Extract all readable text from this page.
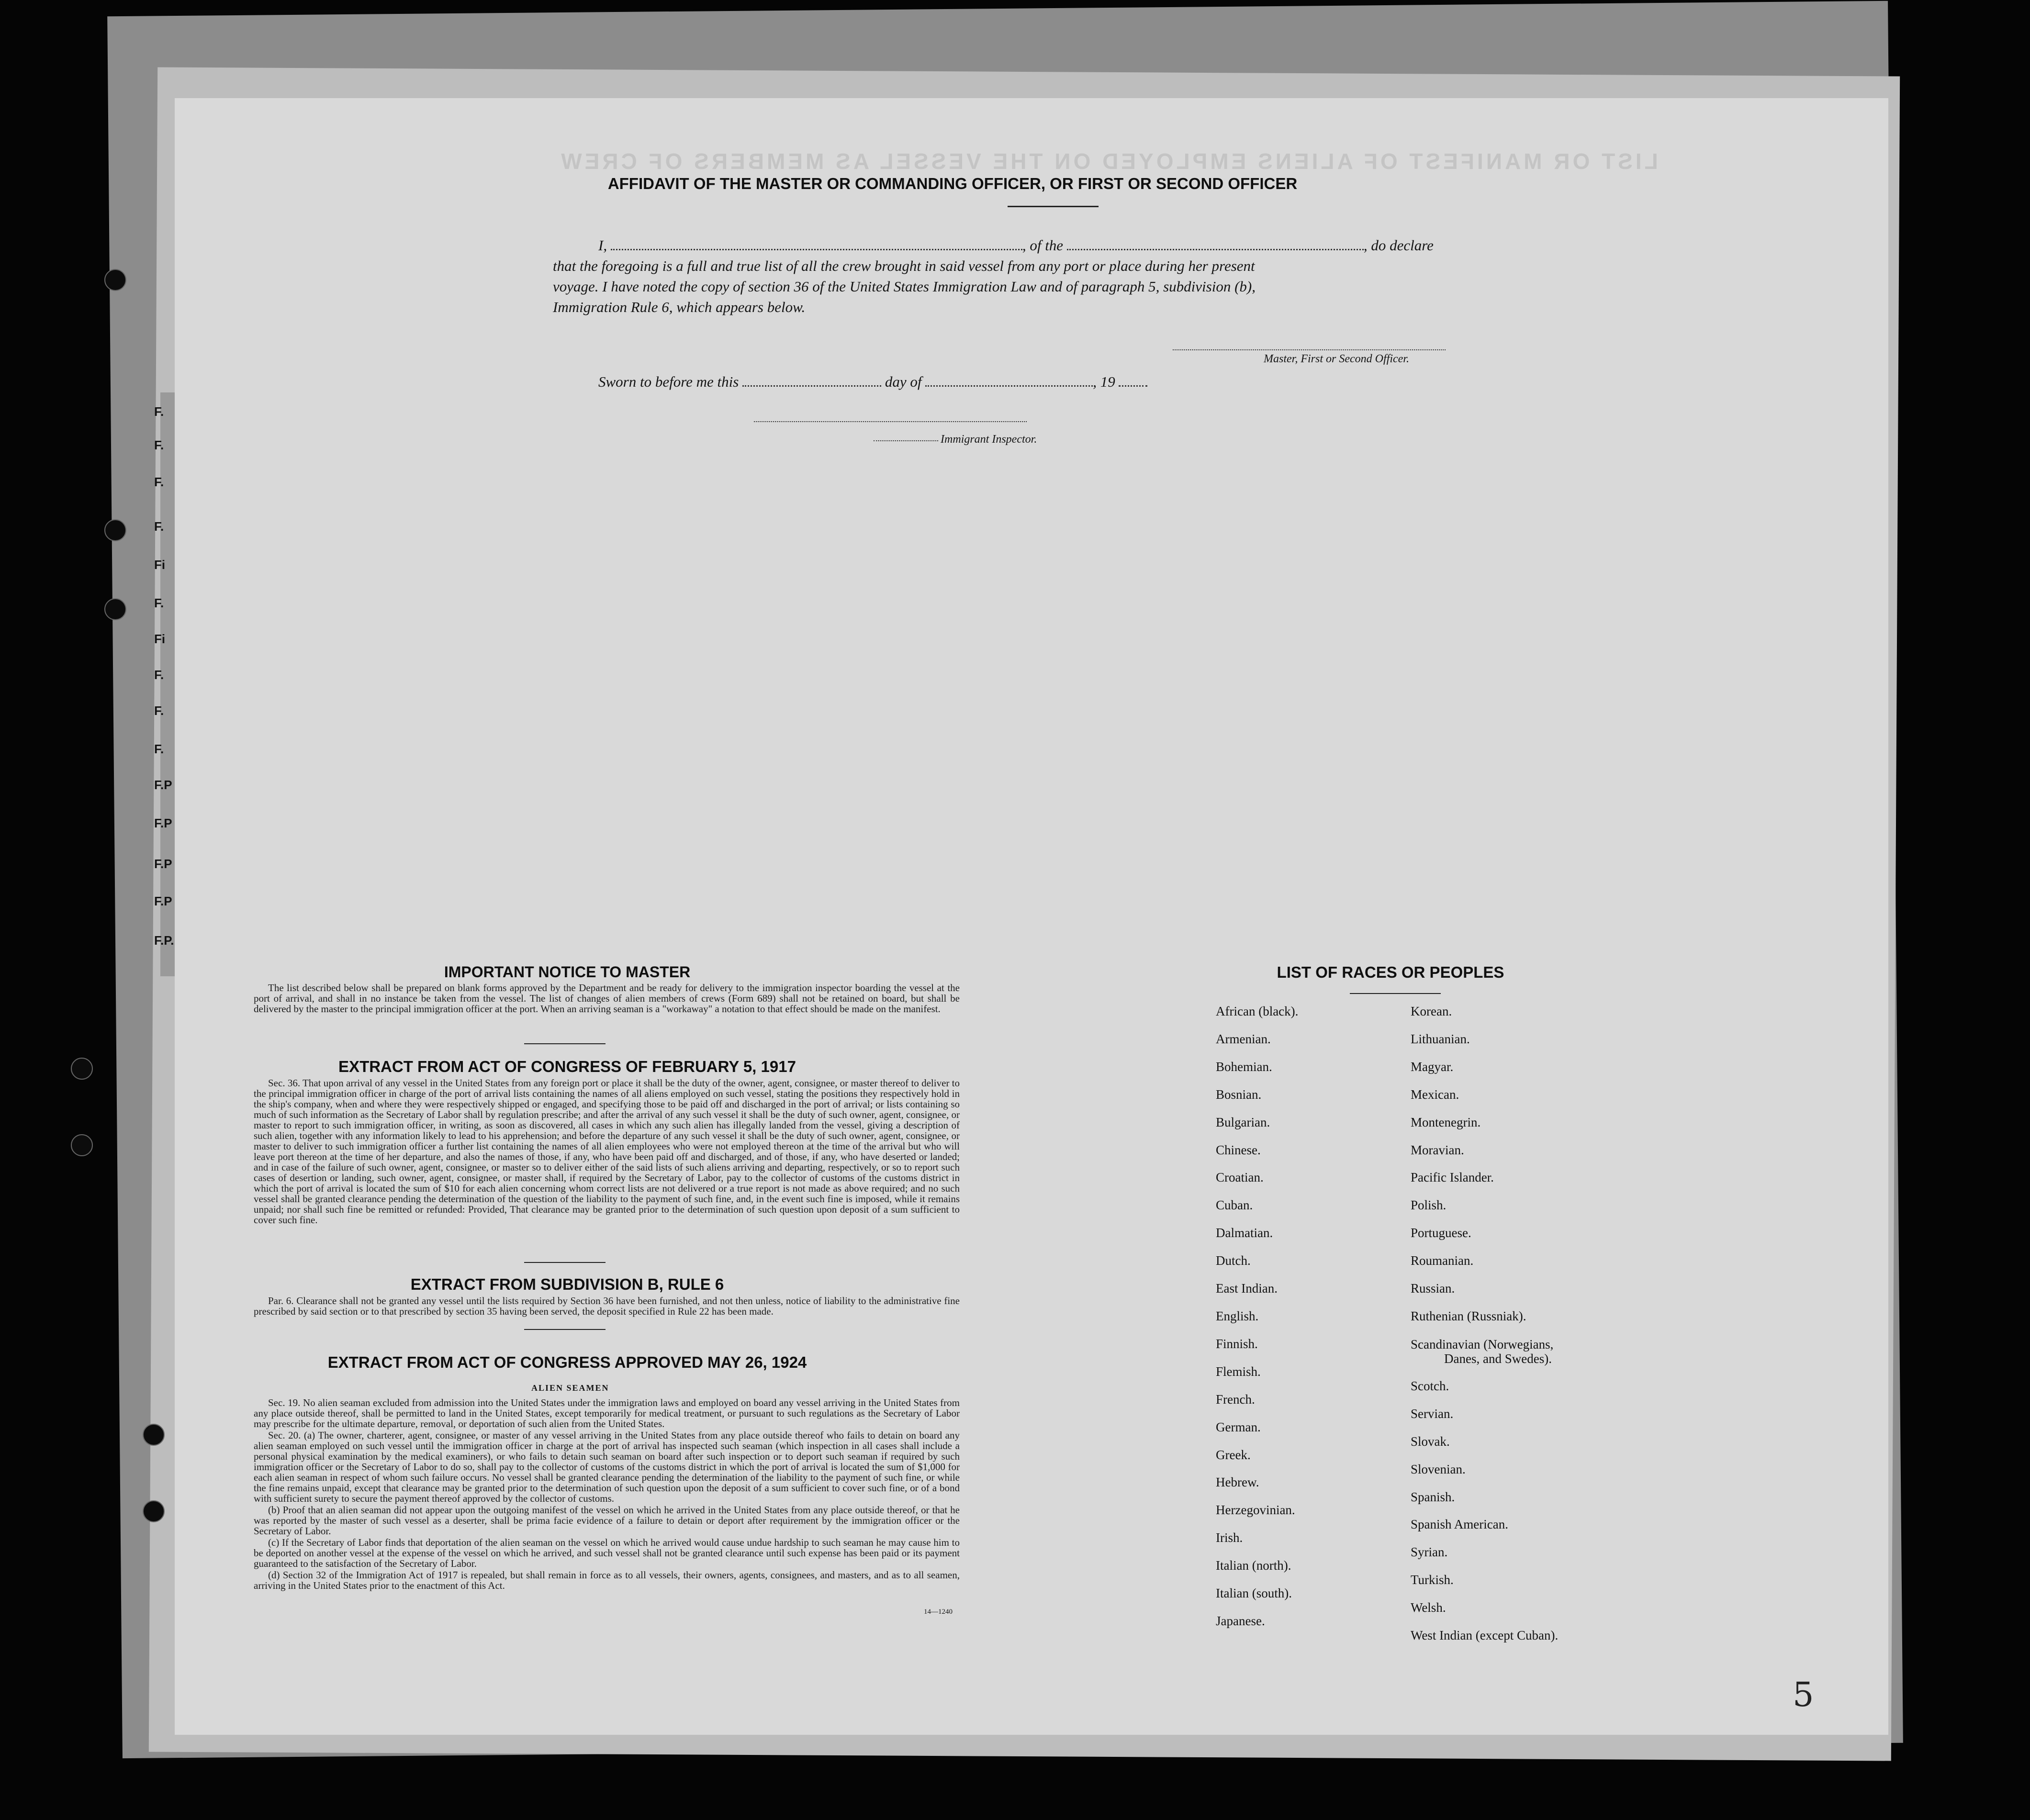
F.
F.
F.
F.
Fi
F.
Fi
F.
F.
F.
F.P
F.P
F.P
F.P
F.P.
LIST OR MANIFEST OF ALIENS EMPLOYED ON THE VESSEL AS MEMBERS OF CREW
AFFIDAVIT OF THE MASTER OR COMMANDING OFFICER, OR FIRST OR SECOND OFFICER
I,	, of the	, do declare
that the foregoing is a full and true list of all the crew brought in said vessel from any port or place during her present
voyage. I have noted the copy of section 36 of the United States Immigration Law and of paragraph 5, subdivision (b),
Immigration Rule 6, which appears below.
Master, First or Second Officer.
Sworn to before me this	day of	, 19
Immigrant Inspector.
IMPORTANT NOTICE TO MASTER

The list described below shall be prepared on blank forms approved by the Department and be ready for delivery to the immigration inspector boarding the vessel at the port of arrival, and shall in no instance be taken from the vessel. The list of changes of alien members of crews (Form 689) shall not be retained on board, but shall be delivered by the master to the principal immigration officer at the port. When an arriving seaman is a "workaway" a notation to that effect should be made on the manifest.

EXTRACT FROM ACT OF CONGRESS OF FEBRUARY 5, 1917

Sec. 36. That upon arrival of any vessel in the United States from any foreign port or place it shall be the duty of the owner, agent, consignee, or master thereof to deliver to the principal immigration officer in charge of the port of arrival lists containing the names of all aliens employed on such vessel, stating the positions they respectively hold in the ship's company, when and where they were respectively shipped or engaged, and specifying those to be paid off and discharged in the port of arrival; or lists containing so much of such information as the Secretary of Labor shall by regulation prescribe; and after the arrival of any such vessel it shall be the duty of such owner, agent, consignee, or master to report to such immigration officer, in writing, as soon as discovered, all cases in which any such alien has illegally landed from the vessel, giving a description of such alien, together with any information likely to lead to his apprehension; and before the departure of any such vessel it shall be the duty of such owner, agent, consignee, or master to deliver to such immigration officer a further list containing the names of all alien employees who were not employed thereon at the time of the arrival but who will leave port thereon at the time of her departure, and also the names of those, if any, who have been paid off and discharged, and of those, if any, who have deserted or landed; and in case of the failure of such owner, agent, consignee, or master so to deliver either of the said lists of such aliens arriving and departing, respectively, or so to report such cases of desertion or landing, such owner, agent, consignee, or master shall, if required by the Secretary of Labor, pay to the collector of customs of the customs district in which the port of arrival is located the sum of $10 for each alien concerning whom correct lists are not delivered or a true report is not made as above required; and no such vessel shall be granted clearance pending the determination of the question of the liability to the payment of such fine, and, in the event such fine is imposed, while it remains unpaid; nor shall such fine be remitted or refunded: Provided, That clearance may be granted prior to the determination of such question upon deposit of a sum sufficient to cover such fine.

EXTRACT FROM SUBDIVISION B, RULE 6

Par. 6. Clearance shall not be granted any vessel until the lists required by Section 36 have been furnished, and not then unless, notice of liability to the administrative fine prescribed by said section or to that prescribed by section 35 having been served, the deposit specified in Rule 22 has been made.

EXTRACT FROM ACT OF CONGRESS APPROVED MAY 26, 1924
ALIEN SEAMEN

Sec. 19. No alien seaman excluded from admission into the United States under the immigration laws and employed on board any vessel arriving in the United States from any place outside thereof, shall be permitted to land in the United States, except temporarily for medical treatment, or pursuant to such regulations as the Secretary of Labor may prescribe for the ultimate departure, removal, or deportation of such alien from the United States.

Sec. 20. (a) The owner, charterer, agent, consignee, or master of any vessel arriving in the United States from any place outside thereof who fails to detain on board any alien seaman employed on such vessel until the immigration officer in charge at the port of arrival has inspected such seaman (which inspection in all cases shall include a personal physical examination by the medical examiners), or who fails to detain such seaman on board after such inspection or to deport such seaman if required by such immigration officer or the Secretary of Labor to do so, shall pay to the collector of customs of the customs district in which the port of arrival is located the sum of $1,000 for each alien seaman in respect of whom such failure occurs. No vessel shall be granted clearance pending the determination of the liability to the payment of such fine, or while the fine remains unpaid, except that clearance may be granted prior to the determination of such question upon the deposit of a sum sufficient to cover such fine, or of a bond with sufficient surety to secure the payment thereof approved by the collector of customs.

(b) Proof that an alien seaman did not appear upon the outgoing manifest of the vessel on which he arrived in the United States from any place outside thereof, or that he was reported by the master of such vessel as a deserter, shall be prima facie evidence of a failure to detain or deport after requirement by the immigration officer or the Secretary of Labor.

(c) If the Secretary of Labor finds that deportation of the alien seaman on the vessel on which he arrived would cause undue hardship to such seaman he may cause him to be deported on another vessel at the expense of the vessel on which he arrived, and such vessel shall not be granted clearance until such expense has been paid or its payment guaranteed to the satisfaction of the Secretary of Labor.

(d) Section 32 of the Immigration Act of 1917 is repealed, but shall remain in force as to all vessels, their owners, agents, consignees, and masters, and as to all seamen, arriving in the United States prior to the enactment of this Act.

14—1240
LIST OF RACES OR PEOPLES
African (black).
Armenian.
Bohemian.
Bosnian.
Bulgarian.
Chinese.
Croatian.
Cuban.
Dalmatian.
Dutch.
East Indian.
English.
Finnish.
Flemish.
French.
German.
Greek.
Hebrew.
Herzegovinian.
Irish.
Italian (north).
Italian (south).
Japanese.
Korean.
Lithuanian.
Magyar.
Mexican.
Montenegrin.
Moravian.
Pacific Islander.
Polish.
Portuguese.
Roumanian.
Russian.
Ruthenian (Russniak).
Scandinavian (Norwegians,
Danes, and Swedes).
Scotch.
Servian.
Slovak.
Slovenian.
Spanish.
Spanish American.
Syrian.
Turkish.
Welsh.
West Indian (except Cuban).
5
